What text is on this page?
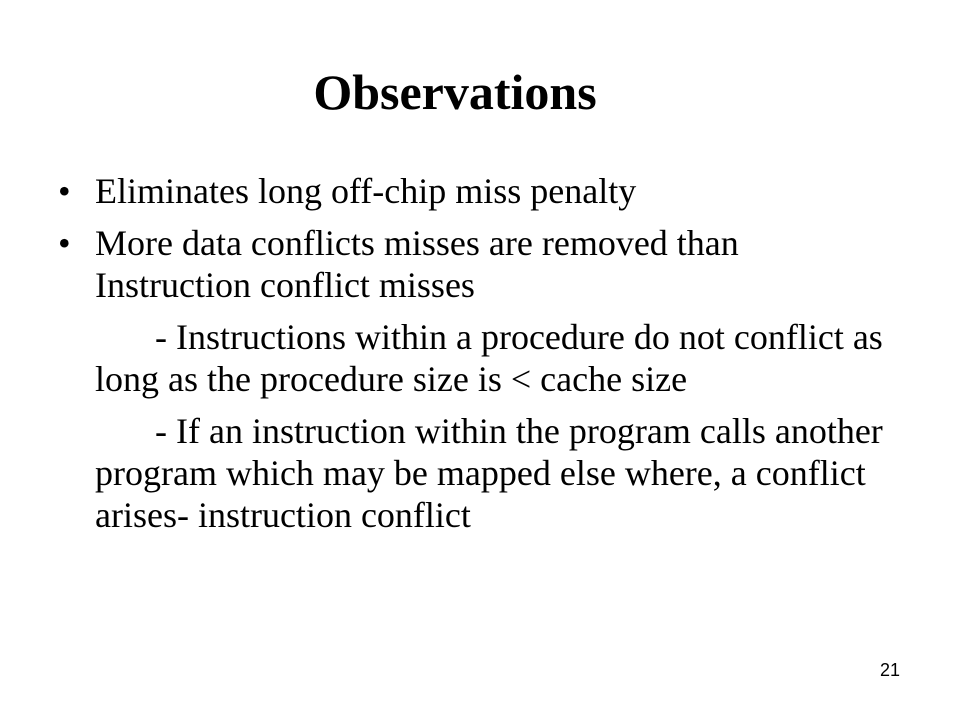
Observations
• Eliminates long off-chip miss penalty
• More data conflicts misses are removed than Instruction conflict misses

- Instructions within a procedure do not conflict as long as the procedure size is < cache size

- If an instruction within the program calls another program which may be mapped else where, a conflict arises- instruction conflict

21
